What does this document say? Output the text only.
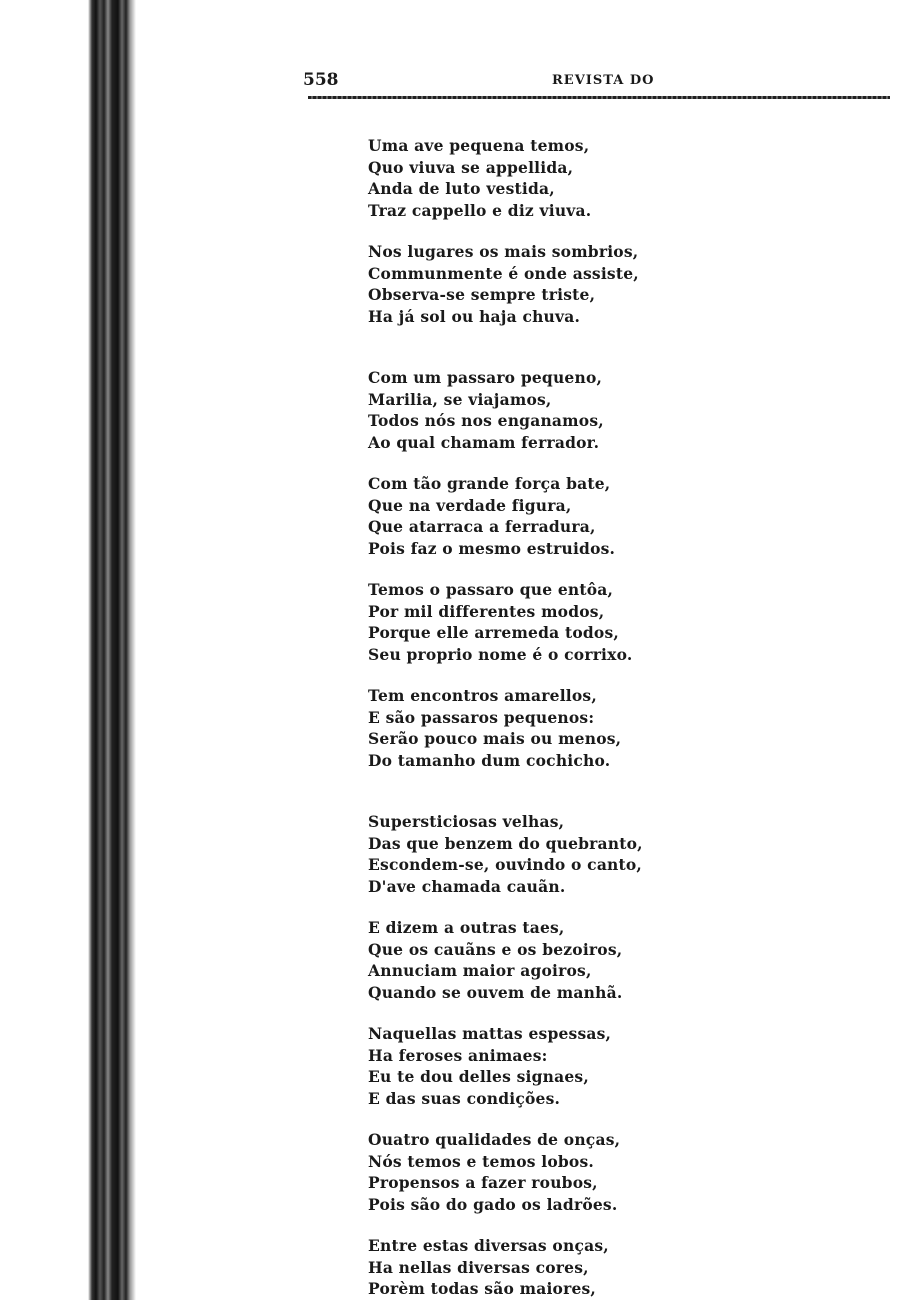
558	REVISTA DO
Uma ave pequena temos,
Quo viuva se appellida,
Anda de luto vestida,
Traz cappello e diz viuva.
Nos lugares os mais sombrios,
Communmente é onde assiste,
Observa-se sempre triste,
Ha já sol ou haja chuva.
Com um passaro pequeno,
Marilia, se viajamos,
Todos nós nos enganamos,
Ao qual chamam ferrador.
Com tão grande força bate,
Que na verdade figura,
Que atarraca a ferradura,
Pois faz o mesmo estruidos.
Temos o passaro que entôa,
Por mil differentes modos,
Porque elle arremeda todos,
Seu proprio nome é o corrixo.
Tem encontros amarellos,
E são passaros pequenos:
Serão pouco mais ou menos,
Do tamanho dum cochicho.
Supersticiosas velhas,
Das que benzem do quebranto,
Escondem-se, ouvindo o canto,
D'ave chamada cauãn.
E dizem a outras taes,
Que os cauãns e os bezoiros,
Annuciam maior agoiros,
Quando se ouvem de manhã.
Naquellas mattas espessas,
Ha feroses animaes:
Eu te dou delles signaes,
E das suas condições.
Ouatro qualidades de onças,
Nós temos e temos lobos.
Propensos a fazer roubos,
Pois são do gado os ladrões.
Entre estas diversas onças,
Ha nellas diversas cores,
Porèm todas são maiores,
